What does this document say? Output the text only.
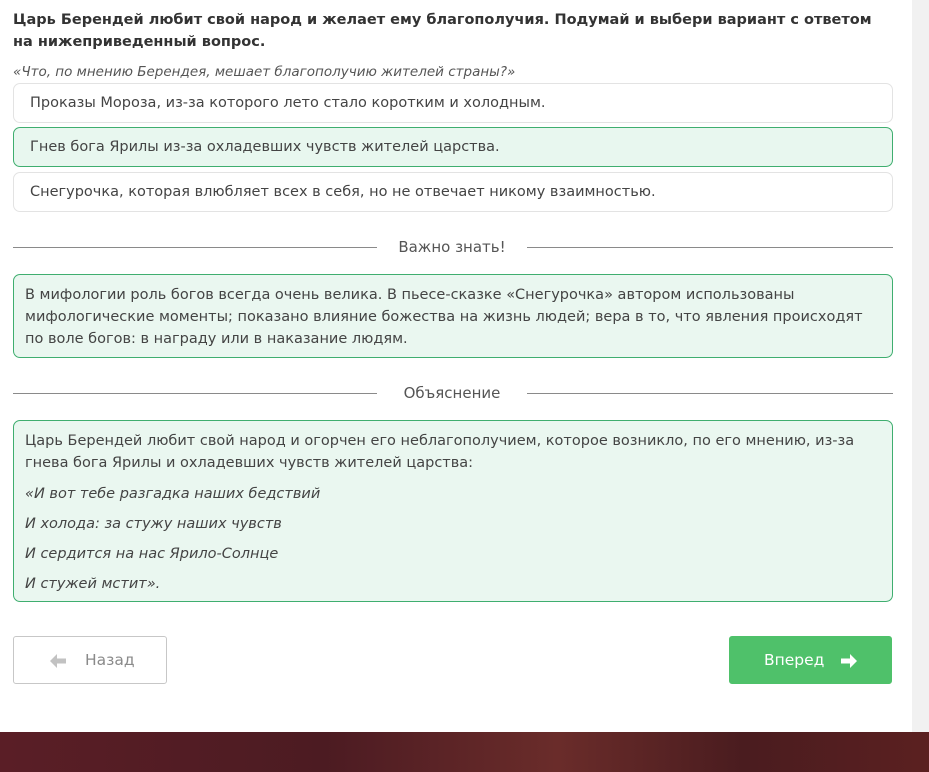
Царь Берендей любит свой народ и желает ему благополучия. Подумай и выбери вариант с ответом на нижеприведенный вопрос.
«Что, по мнению Берендея, мешает благополучию жителей страны?»
Проказы Мороза, из-за которого лето стало коротким и холодным.
Гнев бога Ярилы из-за охладевших чувств жителей царства.
Снегурочка, которая влюбляет всех в себя, но не отвечает никому взаимностью.
Важно знать!

В мифологии роль богов всегда очень велика. В пьесе-сказке «Снегурочка» автором использованы мифологические моменты; показано влияние божества на жизнь людей; вера в то, что явления происходят по воле богов: в награду или в наказание людям.

Объяснение

Царь Берендей любит свой народ и огорчен его неблагополучием, которое возникло, по его мнению, из-за гнева бога Ярилы и охладевших чувств жителей царства:

«И вот тебе разгадка наших бедствий

И холода: за стужу наших чувств

И сердится на нас Ярило-Солнце

И стужей мстит».

Назад	Вперед
